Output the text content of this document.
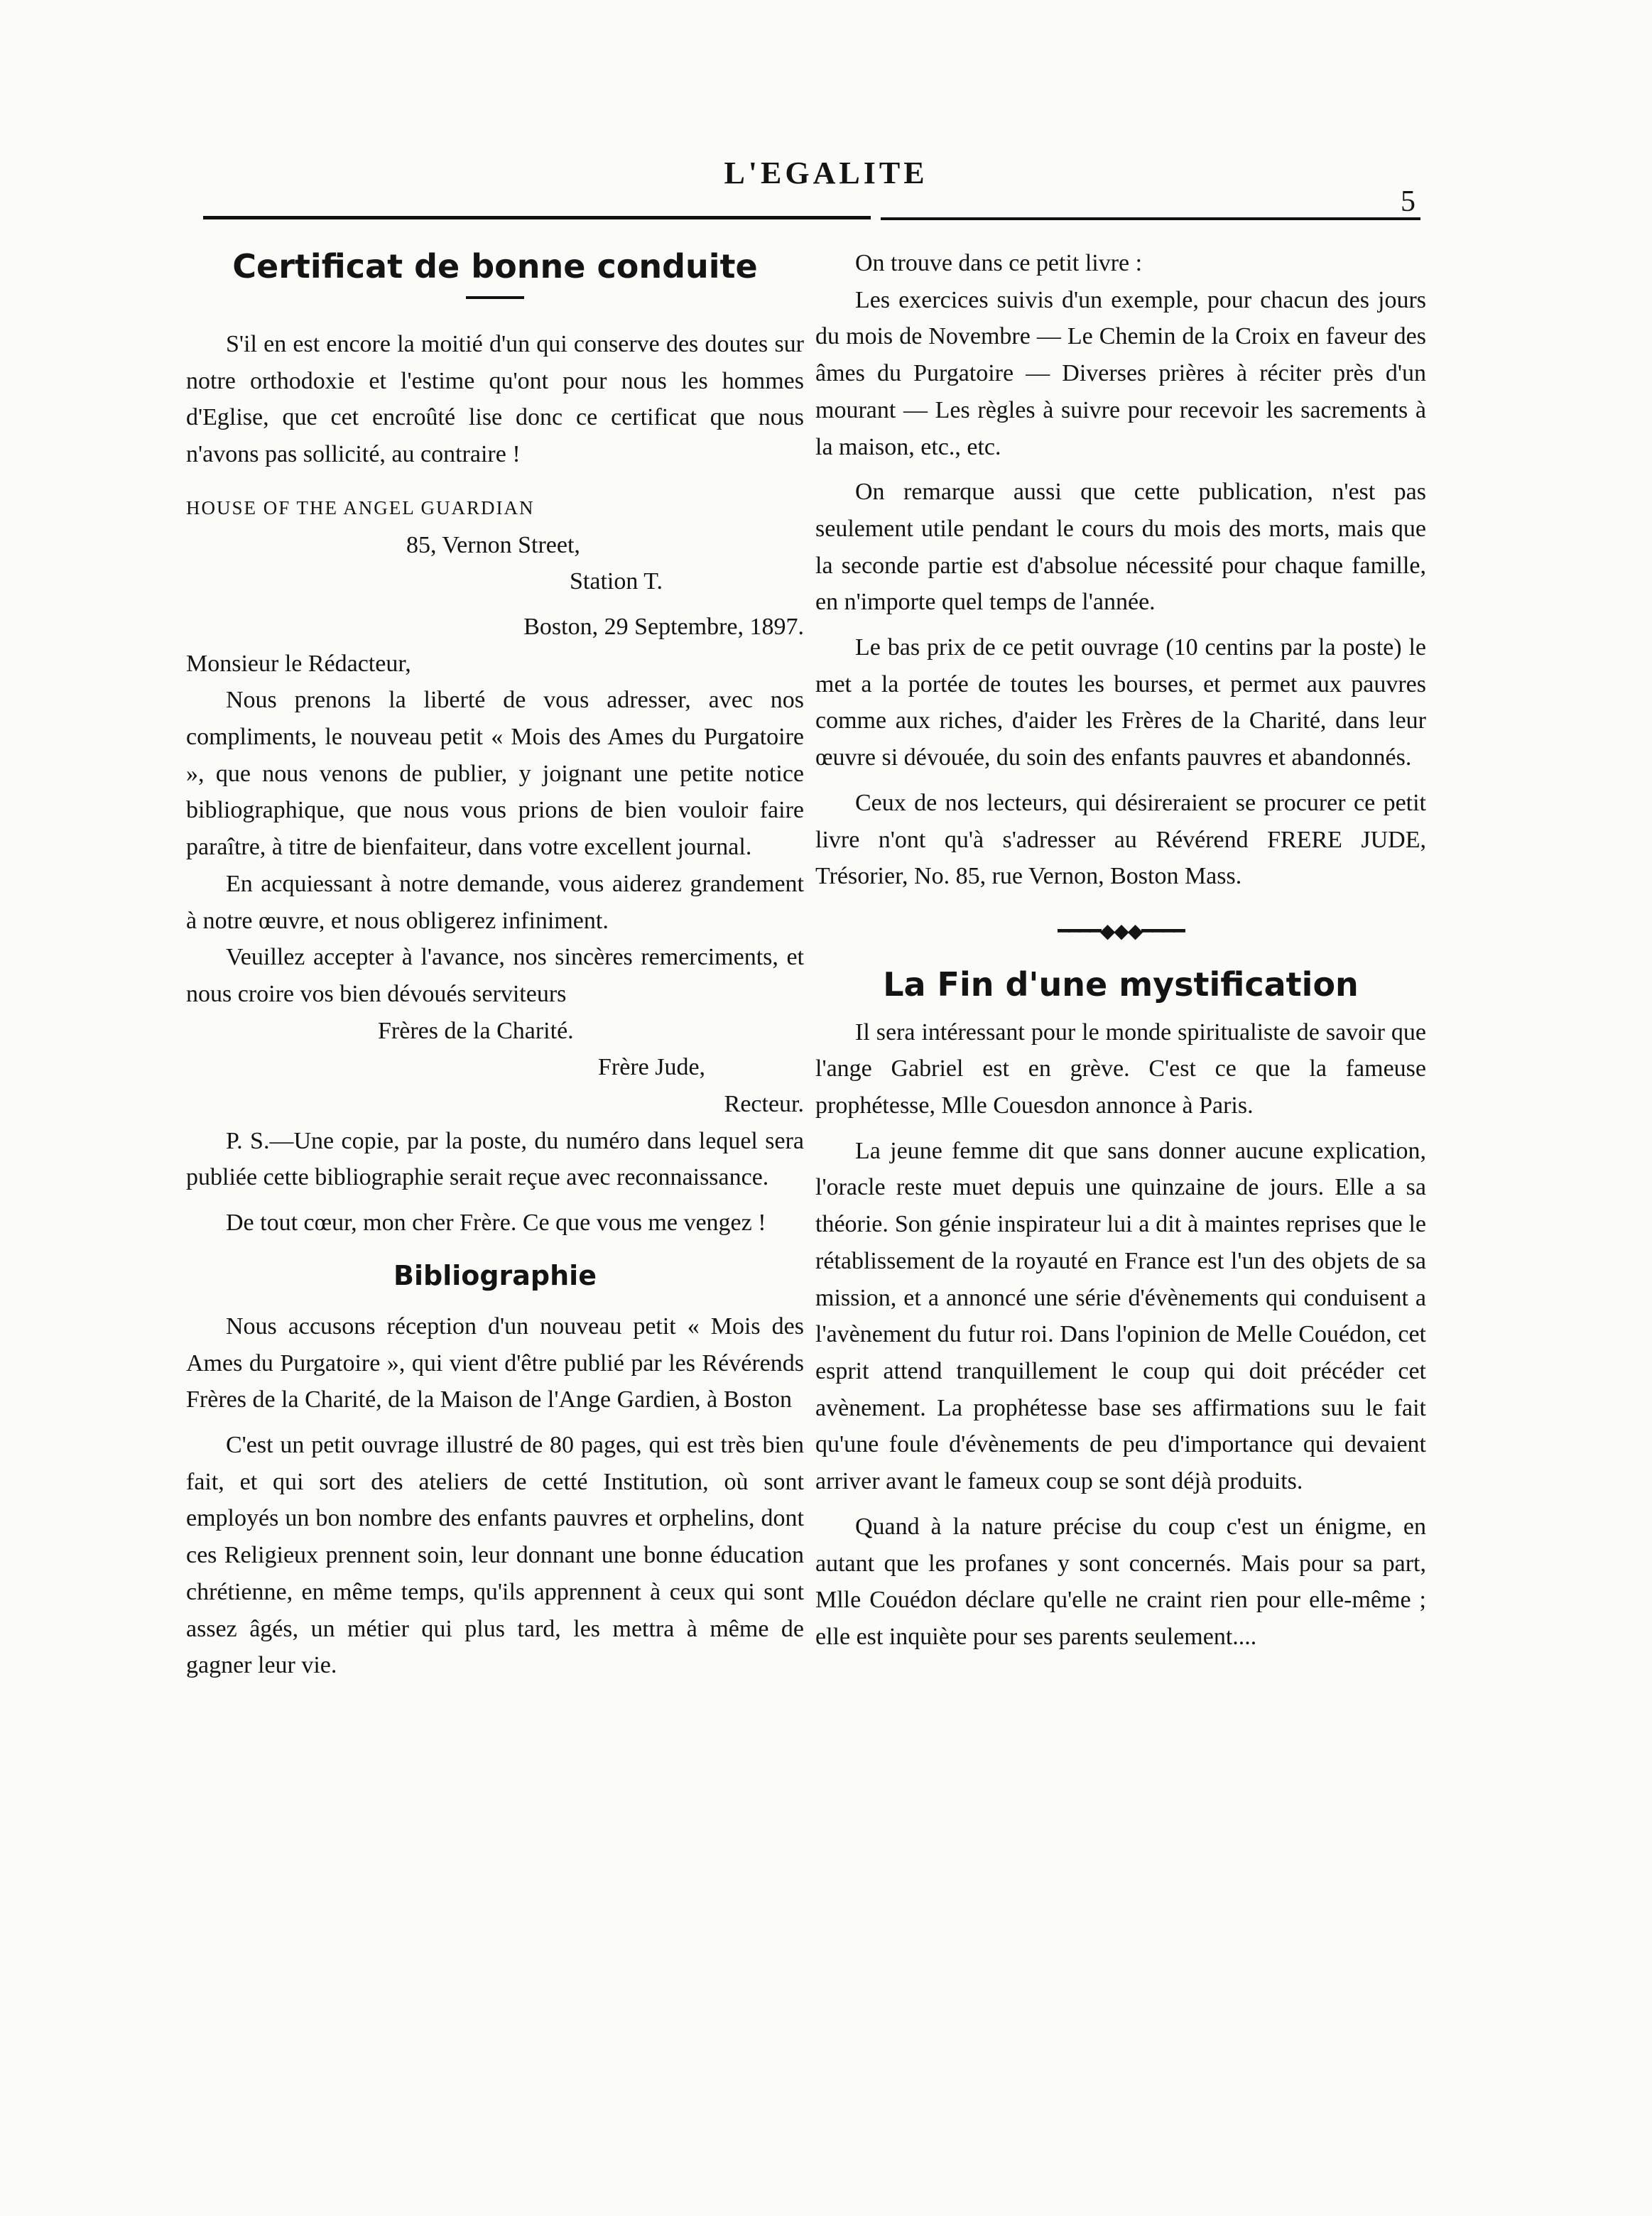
L'EGALITE
5
Certificat de bonne conduite

S'il en est encore la moitié d'un qui conserve des doutes sur notre orthodoxie et l'estime qu'ont pour nous les hommes d'Eglise, que cet encroûté lise donc ce certificat que nous n'avons pas sollicité, au contraire !

HOUSE OF THE ANGEL GUARDIAN

85, Vernon Street,

Station T.

Boston, 29 Septembre, 1897.

Monsieur le Rédacteur,

Nous prenons la liberté de vous adresser, avec nos compliments, le nouveau petit « Mois des Ames du Purgatoire », que nous venons de publier, y joignant une petite notice bibliographique, que nous vous prions de bien vouloir faire paraître, à titre de bienfaiteur, dans votre excellent journal.

En acquiessant à notre demande, vous aiderez grandement à notre œuvre, et nous obligerez infiniment.

Veuillez accepter à l'avance, nos sincères remerciments, et nous croire vos bien dévoués serviteurs

Frères de la Charité.

Frère Jude,

Recteur.

P. S.—Une copie, par la poste, du numéro dans lequel sera publiée cette bibliographie serait reçue avec reconnaissance.

De tout cœur, mon cher Frère. Ce que vous me vengez !

Bibliographie

Nous accusons réception d'un nouveau petit « Mois des Ames du Purgatoire », qui vient d'être publié par les Révérends Frères de la Charité, de la Maison de l'Ange Gardien, à Boston

C'est un petit ouvrage illustré de 80 pages, qui est très bien fait, et qui sort des ateliers de cetté Institution, où sont employés un bon nombre des enfants pauvres et orphelins, dont ces Religieux prennent soin, leur donnant une bonne éducation chrétienne, en même temps, qu'ils apprennent à ceux qui sont assez âgés, un métier qui plus tard, les mettra à même de gagner leur vie.

On trouve dans ce petit livre :

Les exercices suivis d'un exemple, pour chacun des jours du mois de Novembre — Le Chemin de la Croix en faveur des âmes du Purgatoire — Diverses prières à réciter près d'un mourant — Les règles à suivre pour recevoir les sacrements à la maison, etc., etc.

On remarque aussi que cette publication, n'est pas seulement utile pendant le cours du mois des morts, mais que la seconde partie est d'absolue nécessité pour chaque famille, en n'importe quel temps de l'année.

Le bas prix de ce petit ouvrage (10 centins par la poste) le met a la portée de toutes les bourses, et permet aux pauvres comme aux riches, d'aider les Frères de la Charité, dans leur œuvre si dévouée, du soin des enfants pauvres et abandonnés.

Ceux de nos lecteurs, qui désireraient se procurer ce petit livre n'ont qu'à s'adresser au Révérend FRERE JUDE, Trésorier, No. 85, rue Vernon, Boston Mass.

━━━━◆◆◆━━━━
La Fin d'une mystification

Il sera intéressant pour le monde spiritualiste de savoir que l'ange Gabriel est en grève. C'est ce que la fameuse prophétesse, Mlle Couesdon annonce à Paris.

La jeune femme dit que sans donner aucune explication, l'oracle reste muet depuis une quinzaine de jours. Elle a sa théorie. Son génie inspirateur lui a dit à maintes reprises que le rétablissement de la royauté en France est l'un des objets de sa mission, et a annoncé une série d'évènements qui conduisent a l'avènement du futur roi. Dans l'opinion de Melle Couédon, cet esprit attend tranquillement le coup qui doit précéder cet avènement. La prophétesse base ses affirmations suu le fait qu'une foule d'évènements de peu d'importance qui devaient arriver avant le fameux coup se sont déjà produits.

Quand à la nature précise du coup c'est un énigme, en autant que les profanes y sont concernés. Mais pour sa part, Mlle Couédon déclare qu'elle ne craint rien pour elle-même ; elle est inquiète pour ses parents seulement....
